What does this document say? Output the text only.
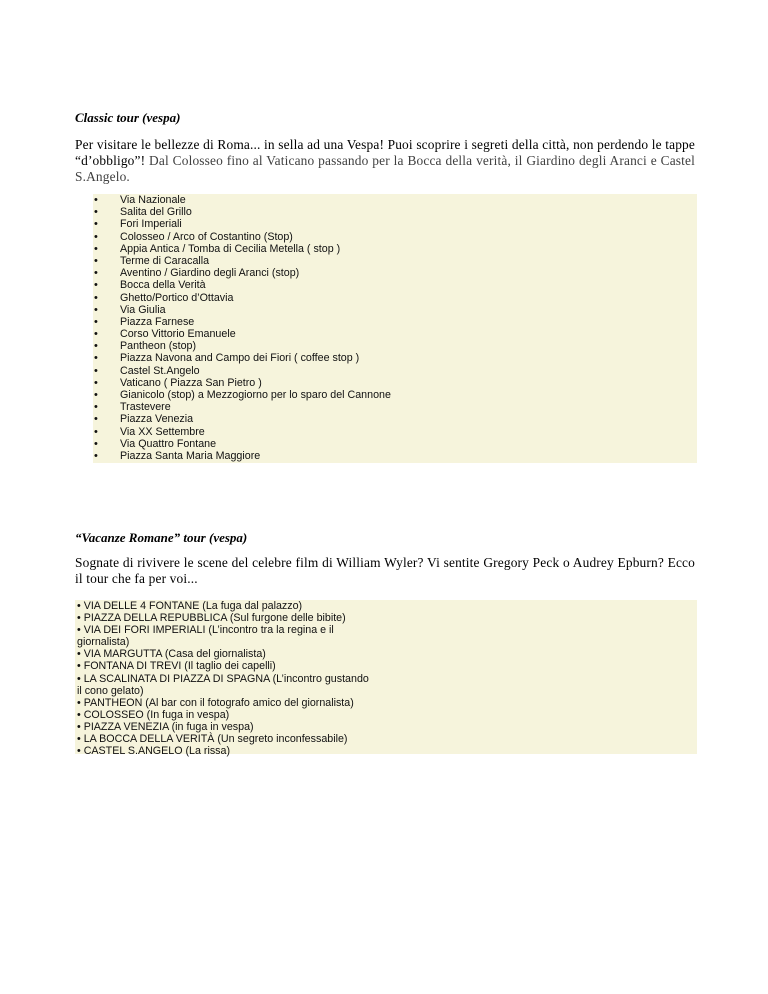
Classic tour (vespa)

Per visitare le bellezze di Roma... in sella ad una Vespa! Puoi scoprire i segreti della città, non perdendo le tappe “d’obbligo”! Dal Colosseo fino al Vaticano passando per la Bocca della verità, il Giardino degli Aranci e Castel S.Angelo.

• Via Nazionale
• Salita del Grillo
• Fori Imperiali
• Colosseo / Arco of Costantino (Stop)
• Appia Antica / Tomba di Cecilia Metella ( stop )
• Terme di Caracalla
• Aventino / Giardino degli Aranci (stop)
• Bocca della Verità
• Ghetto/Portico d’Ottavia
• Via Giulia
• Piazza Farnese
• Corso Vittorio Emanuele
• Pantheon (stop)
• Piazza Navona and Campo dei Fiori ( coffee stop )
• Castel St.Angelo
• Vaticano ( Piazza San Pietro )
• Gianicolo (stop) a Mezzogiorno per lo sparo del Cannone
• Trastevere
• Piazza Venezia
• Via XX Settembre
• Via Quattro Fontane
• Piazza Santa Maria Maggiore
“Vacanze Romane” tour (vespa)

Sognate di rivivere le scene del celebre film di William Wyler? Vi sentite Gregory Peck o Audrey Epburn? Ecco il tour che fa per voi...

• VIA DELLE 4 FONTANE (La fuga dal palazzo)
• PIAZZA DELLA REPUBBLICA (Sul furgone delle bibite)
• VIA DEI FORI IMPERIALI (L’incontro tra la regina e il
giornalista)
• VIA MARGUTTA (Casa del giornalista)
• FONTANA DI TREVI (Il taglio dei capelli)
• LA SCALINATA DI PIAZZA DI SPAGNA (L’incontro gustando
il cono gelato)
• PANTHEON (Al bar con il fotografo amico del giornalista)
• COLOSSEO (In fuga in vespa)
• PIAZZA VENEZIA (in fuga in vespa)
• LA BOCCA DELLA VERITÀ (Un segreto inconfessabile)
• CASTEL S.ANGELO (La rissa)
